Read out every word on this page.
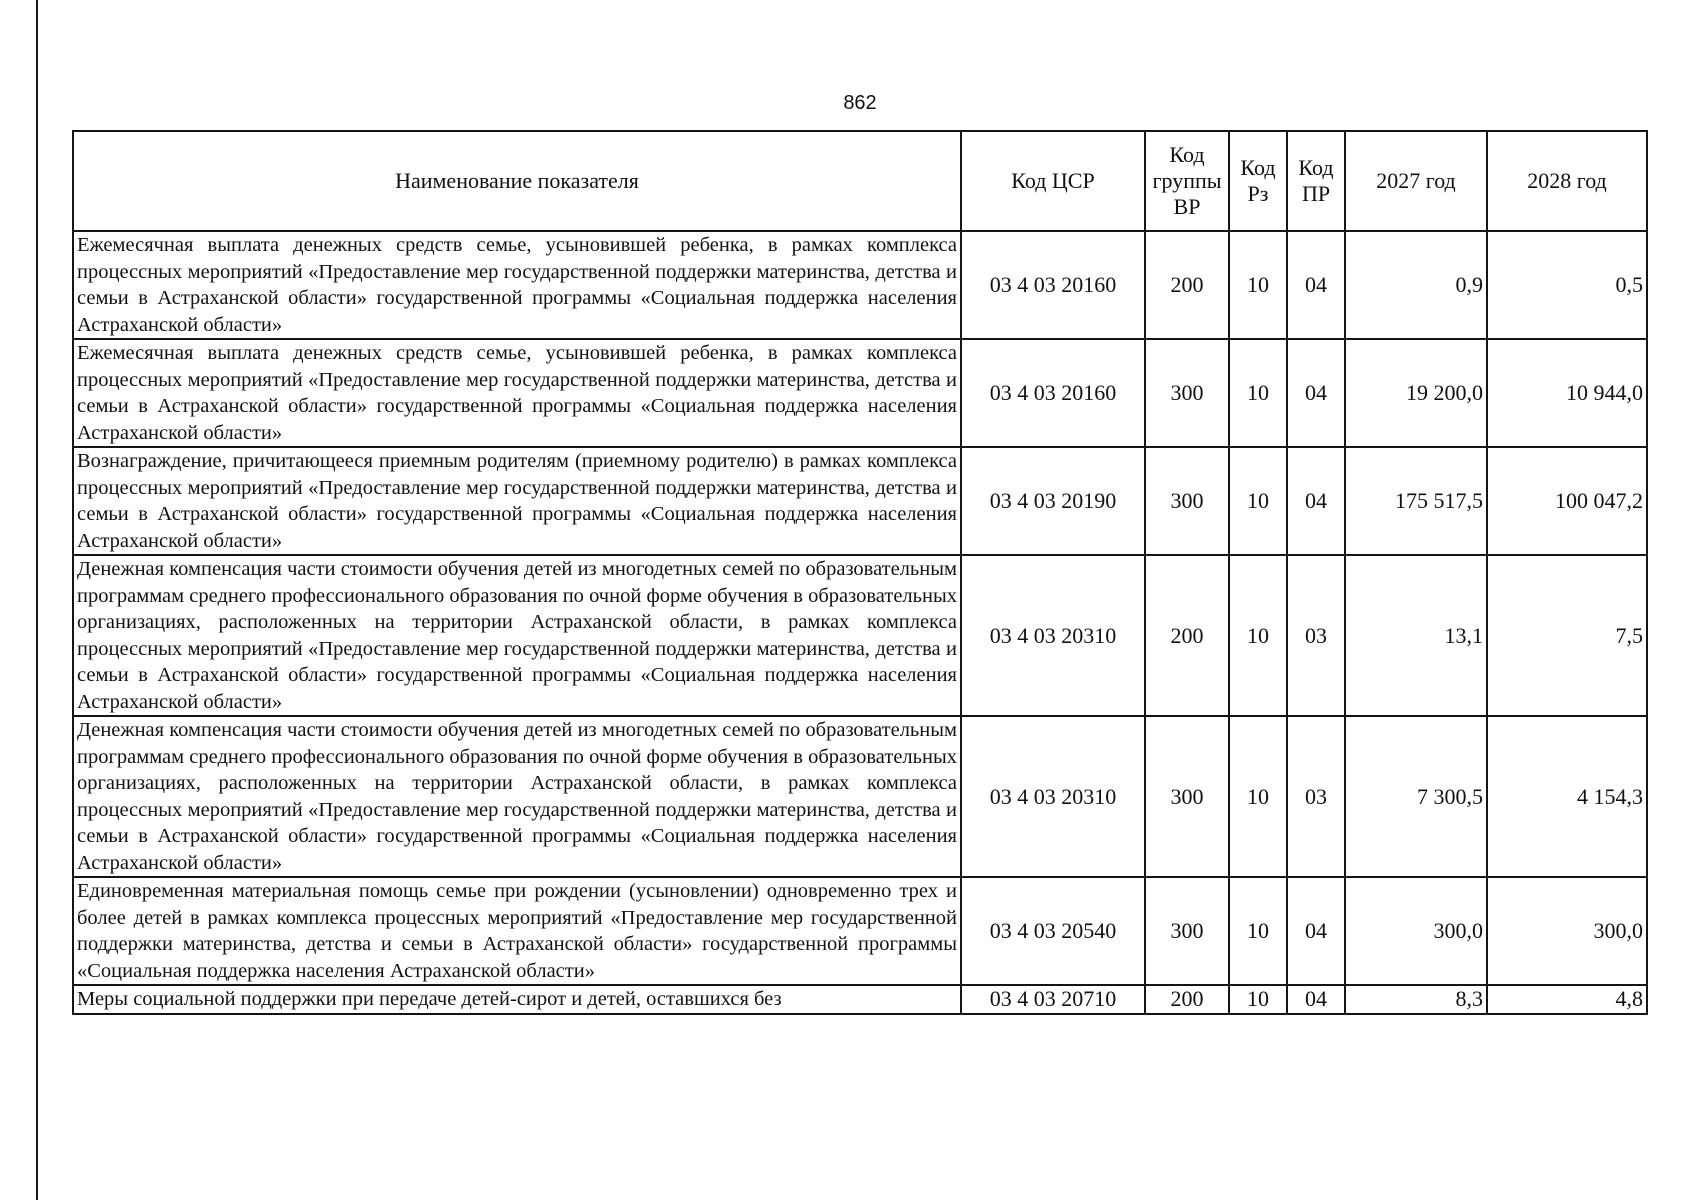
862
Наименование показателя	Код ЦСР	Код группы ВР	Код Рз	Код ПР	2027 год	2028 год
Ежемесячная выплата денежных средств семье, усыновившей ребенка, в рамках комплекса процессных мероприятий «Предоставление мер государственной поддержки материнства, детства и семьи в Астраханской области» государственной программы «Социальная поддержка населения Астраханской области»	03 4 03 20160	200	10	04	0,9	0,5
Ежемесячная выплата денежных средств семье, усыновившей ребенка, в рамках комплекса процессных мероприятий «Предоставление мер государственной поддержки материнства, детства и семьи в Астраханской области» государственной программы «Социальная поддержка населения Астраханской области»	03 4 03 20160	300	10	04	19 200,0	10 944,0
Вознаграждение, причитающееся приемным родителям (приемному родителю) в рамках комплекса процессных мероприятий «Предоставление мер государственной поддержки материнства, детства и семьи в Астраханской области» государственной программы «Социальная поддержка населения Астраханской области»	03 4 03 20190	300	10	04	175 517,5	100 047,2
Денежная компенсация части стоимости обучения детей из многодетных семей по образовательным программам среднего профессионального образования по очной форме обучения в образовательных организациях, расположенных на территории Астраханской области, в рамках комплекса процессных мероприятий «Предоставление мер государственной поддержки материнства, детства и семьи в Астраханской области» государственной программы «Социальная поддержка населения Астраханской области»	03 4 03 20310	200	10	03	13,1	7,5
Денежная компенсация части стоимости обучения детей из многодетных семей по образовательным программам среднего профессионального образования по очной форме обучения в образовательных организациях, расположенных на территории Астраханской области, в рамках комплекса процессных мероприятий «Предоставление мер государственной поддержки материнства, детства и семьи в Астраханской области» государственной программы «Социальная поддержка населения Астраханской области»	03 4 03 20310	300	10	03	7 300,5	4 154,3
Единовременная материальная помощь семье при рождении (усыновлении) одновременно трех и более детей в рамках комплекса процессных мероприятий «Предоставление мер государственной поддержки материнства, детства и семьи в Астраханской области» государственной программы «Социальная поддержка населения Астраханской области»	03 4 03 20540	300	10	04	300,0	300,0
Меры социальной поддержки при передаче детей-сирот и детей, оставшихся без	03 4 03 20710	200	10	04	8,3	4,8
